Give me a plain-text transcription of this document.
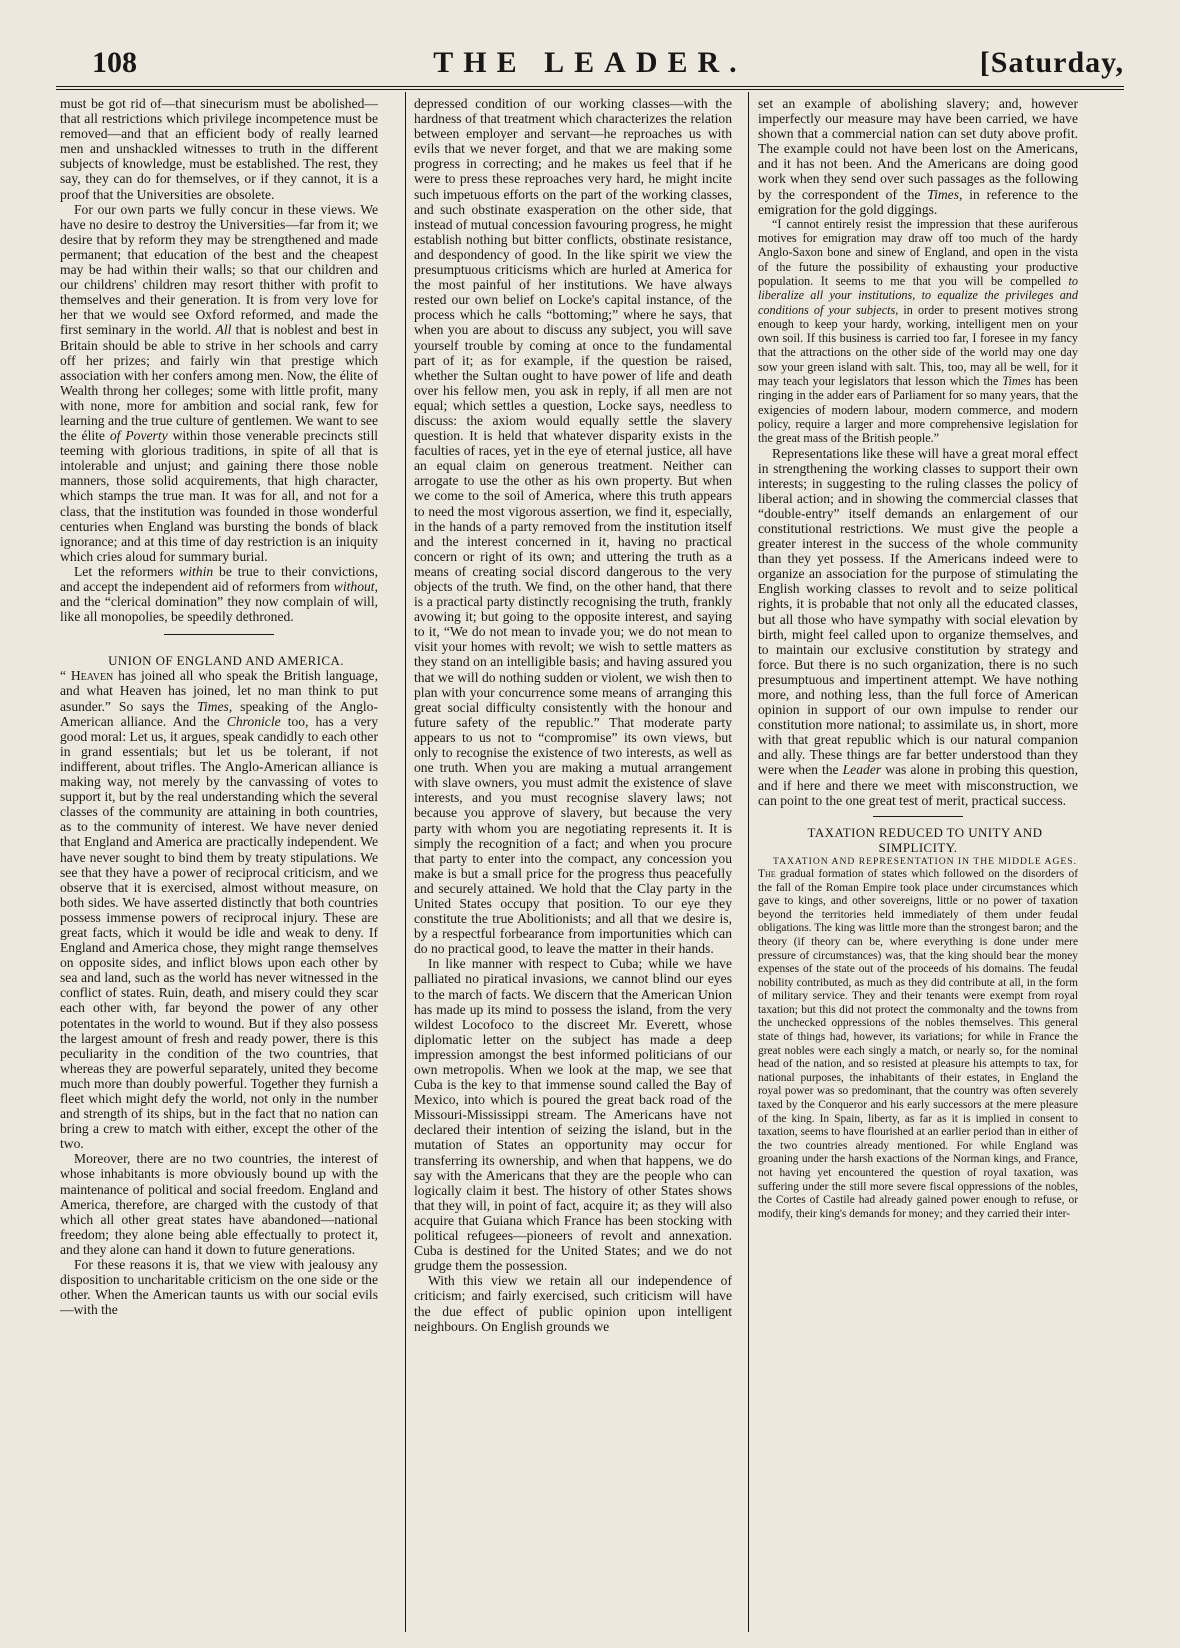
108	THE LEADER.	[Saturday,

must be got rid of—that sinecurism must be abolished—that all restrictions which privilege incompetence must be removed—and that an efficient body of really learned men and unshackled witnesses to truth in the different subjects of knowledge, must be established. The rest, they say, they can do for themselves, or if they cannot, it is a proof that the Universities are obsolete.

For our own parts we fully concur in these views. We have no desire to destroy the Universities—far from it; we desire that by reform they may be strengthened and made permanent; that education of the best and the cheapest may be had within their walls; so that our children and our childrens' children may resort thither with profit to themselves and their generation. It is from very love for her that we would see Oxford reformed, and made the first seminary in the world. All that is noblest and best in Britain should be able to strive in her schools and carry off her prizes; and fairly win that prestige which association with her confers among men. Now, the élite of Wealth throng her colleges; some with little profit, many with none, more for ambition and social rank, few for learning and the true culture of gentlemen. We want to see the élite of Poverty within those venerable precincts still teeming with glorious traditions, in spite of all that is intolerable and unjust; and gaining there those noble manners, those solid acquirements, that high character, which stamps the true man. It was for all, and not for a class, that the institution was founded in those wonderful centuries when England was bursting the bonds of black ignorance; and at this time of day restriction is an iniquity which cries aloud for summary burial.

Let the reformers within be true to their convictions, and accept the independent aid of reformers from without, and the “clerical domination” they now complain of will, like all monopolies, be speedily dethroned.

UNION OF ENGLAND AND AMERICA.

“ Heaven has joined all who speak the British language, and what Heaven has joined, let no man think to put asunder.” So says the Times, speaking of the Anglo-American alliance. And the Chronicle too, has a very good moral: Let us, it argues, speak candidly to each other in grand essentials; but let us be tolerant, if not indifferent, about trifles. The Anglo-American alliance is making way, not merely by the canvassing of votes to support it, but by the real understanding which the several classes of the community are attaining in both countries, as to the community of interest. We have never denied that England and America are practically independent. We have never sought to bind them by treaty stipulations. We see that they have a power of reciprocal criticism, and we observe that it is exercised, almost without measure, on both sides. We have asserted distinctly that both countries possess immense powers of reciprocal injury. These are great facts, which it would be idle and weak to deny. If England and America chose, they might range themselves on opposite sides, and inflict blows upon each other by sea and land, such as the world has never witnessed in the conflict of states. Ruin, death, and misery could they scar each other with, far beyond the power of any other potentates in the world to wound. But if they also possess the largest amount of fresh and ready power, there is this peculiarity in the condition of the two countries, that whereas they are powerful separately, united they become much more than doubly powerful. Together they furnish a fleet which might defy the world, not only in the number and strength of its ships, but in the fact that no nation can bring a crew to match with either, except the other of the two.

Moreover, there are no two countries, the interest of whose inhabitants is more obviously bound up with the maintenance of political and social freedom. England and America, therefore, are charged with the custody of that which all other great states have abandoned—national freedom; they alone being able effectually to protect it, and they alone can hand it down to future generations.

For these reasons it is, that we view with jealousy any disposition to uncharitable criticism on the one side or the other. When the American taunts us with our social evils—with the

depressed condition of our working classes—with the hardness of that treatment which characterizes the relation between employer and servant—he reproaches us with evils that we never forget, and that we are making some progress in correcting; and he makes us feel that if he were to press these reproaches very hard, he might incite such impetuous efforts on the part of the working classes, and such obstinate exasperation on the other side, that instead of mutual concession favouring progress, he might establish nothing but bitter conflicts, obstinate resistance, and despondency of good. In the like spirit we view the presumptuous criticisms which are hurled at America for the most painful of her institutions. We have always rested our own belief on Locke's capital instance, of the process which he calls “bottoming;” where he says, that when you are about to discuss any subject, you will save yourself trouble by coming at once to the fundamental part of it; as for example, if the question be raised, whether the Sultan ought to have power of life and death over his fellow men, you ask in reply, if all men are not equal; which settles a question, Locke says, needless to discuss: the axiom would equally settle the slavery question. It is held that whatever disparity exists in the faculties of races, yet in the eye of eternal justice, all have an equal claim on generous treatment. Neither can arrogate to use the other as his own property. But when we come to the soil of America, where this truth appears to need the most vigorous assertion, we find it, especially, in the hands of a party removed from the institution itself and the interest concerned in it, having no practical concern or right of its own; and uttering the truth as a means of creating social discord dangerous to the very objects of the truth. We find, on the other hand, that there is a practical party distinctly recognising the truth, frankly avowing it; but going to the opposite interest, and saying to it, “We do not mean to invade you; we do not mean to visit your homes with revolt; we wish to settle matters as they stand on an intelligible basis; and having assured you that we will do nothing sudden or violent, we wish then to plan with your concurrence some means of arranging this great social difficulty consistently with the honour and future safety of the republic.” That moderate party appears to us not to “compromise” its own views, but only to recognise the existence of two interests, as well as one truth. When you are making a mutual arrangement with slave owners, you must admit the existence of slave interests, and you must recognise slavery laws; not because you approve of slavery, but because the very party with whom you are negotiating represents it. It is simply the recognition of a fact; and when you procure that party to enter into the compact, any concession you make is but a small price for the progress thus peacefully and securely attained. We hold that the Clay party in the United States occupy that position. To our eye they constitute the true Abolitionists; and all that we desire is, by a respectful forbearance from importunities which can do no practical good, to leave the matter in their hands.

In like manner with respect to Cuba; while we have palliated no piratical invasions, we cannot blind our eyes to the march of facts. We discern that the American Union has made up its mind to possess the island, from the very wildest Locofoco to the discreet Mr. Everett, whose diplomatic letter on the subject has made a deep impression amongst the best informed politicians of our own metropolis. When we look at the map, we see that Cuba is the key to that immense sound called the Bay of Mexico, into which is poured the great back road of the Missouri-Mississippi stream. The Americans have not declared their intention of seizing the island, but in the mutation of States an opportunity may occur for transferring its ownership, and when that happens, we do say with the Americans that they are the people who can logically claim it best. The history of other States shows that they will, in point of fact, acquire it; as they will also acquire that Guiana which France has been stocking with political refugees—pioneers of revolt and annexation. Cuba is destined for the United States; and we do not grudge them the possession.

With this view we retain all our independence of criticism; and fairly exercised, such criticism will have the due effect of public opinion upon intelligent neighbours. On English grounds we

set an example of abolishing slavery; and, however imperfectly our measure may have been carried, we have shown that a commercial nation can set duty above profit. The example could not have been lost on the Americans, and it has not been. And the Americans are doing good work when they send over such passages as the following by the correspondent of the Times, in reference to the emigration for the gold diggings.

“I cannot entirely resist the impression that these auriferous motives for emigration may draw off too much of the hardy Anglo-Saxon bone and sinew of England, and open in the vista of the future the possibility of exhausting your productive population. It seems to me that you will be compelled to liberalize all your institutions, to equalize the privileges and conditions of your subjects, in order to present motives strong enough to keep your hardy, working, intelligent men on your own soil. If this business is carried too far, I foresee in my fancy that the attractions on the other side of the world may one day sow your green island with salt. This, too, may all be well, for it may teach your legislators that lesson which the Times has been ringing in the adder ears of Parliament for so many years, that the exigencies of modern labour, modern commerce, and modern policy, require a larger and more comprehensive legislation for the great mass of the British people.”

Representations like these will have a great moral effect in strengthening the working classes to support their own interests; in suggesting to the ruling classes the policy of liberal action; and in showing the commercial classes that “double-entry” itself demands an enlargement of our constitutional restrictions. We must give the people a greater interest in the success of the whole community than they yet possess. If the Americans indeed were to organize an association for the purpose of stimulating the English working classes to revolt and to seize political rights, it is probable that not only all the educated classes, but all those who have sympathy with social elevation by birth, might feel called upon to organize themselves, and to maintain our exclusive constitution by strategy and force. But there is no such organization, there is no such presumptuous and impertinent attempt. We have nothing more, and nothing less, than the full force of American opinion in support of our own impulse to render our constitution more national; to assimilate us, in short, more with that great republic which is our natural companion and ally. These things are far better understood than they were when the Leader was alone in probing this question, and if here and there we meet with misconstruction, we can point to the one great test of merit, practical success.

TAXATION REDUCED TO UNITY AND SIMPLICITY.

TAXATION AND REPRESENTATION IN THE MIDDLE AGES.

The gradual formation of states which followed on the disorders of the fall of the Roman Empire took place under circumstances which gave to kings, and other sovereigns, little or no power of taxation beyond the territories held immediately of them under feudal obligations. The king was little more than the strongest baron; and the theory (if theory can be, where everything is done under mere pressure of circumstances) was, that the king should bear the money expenses of the state out of the proceeds of his domains. The feudal nobility contributed, as much as they did contribute at all, in the form of military service. They and their tenants were exempt from royal taxation; but this did not protect the commonalty and the towns from the unchecked oppressions of the nobles themselves. This general state of things had, however, its variations; for while in France the great nobles were each singly a match, or nearly so, for the nominal head of the nation, and so resisted at pleasure his attempts to tax, for national purposes, the inhabitants of their estates, in England the royal power was so predominant, that the country was often severely taxed by the Conqueror and his early successors at the mere pleasure of the king. In Spain, liberty, as far as it is implied in consent to taxation, seems to have flourished at an earlier period than in either of the two countries already mentioned. For while England was groaning under the harsh exactions of the Norman kings, and France, not having yet encountered the question of royal taxation, was suffering under the still more severe fiscal oppressions of the nobles, the Cortes of Castile had already gained power enough to refuse, or modify, their king's demands for money; and they carried their inter-
